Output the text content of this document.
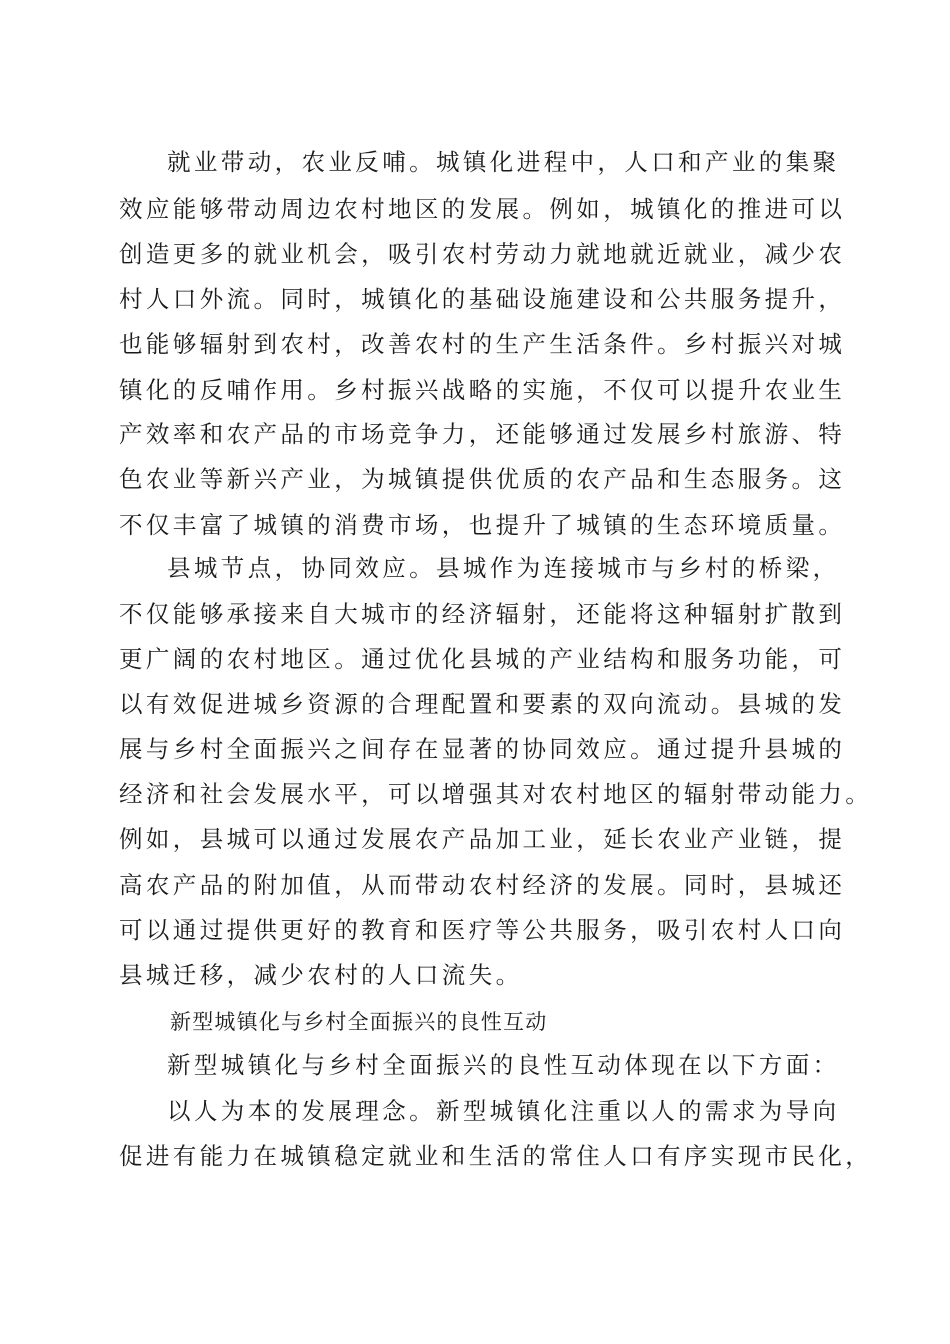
就业带动，农业反哺。城镇化进程中，人口和产业的集聚
效应能够带动周边农村地区的发展。例如，城镇化的推进可以
创造更多的就业机会，吸引农村劳动力就地就近就业，减少农
村人口外流。同时，城镇化的基础设施建设和公共服务提升，
也能够辐射到农村，改善农村的生产生活条件。乡村振兴对城
镇化的反哺作用。乡村振兴战略的实施，不仅可以提升农业生
产效率和农产品的市场竞争力，还能够通过发展乡村旅游、特
色农业等新兴产业，为城镇提供优质的农产品和生态服务。这
不仅丰富了城镇的消费市场，也提升了城镇的生态环境质量。
县城节点，协同效应。县城作为连接城市与乡村的桥梁，
不仅能够承接来自大城市的经济辐射，还能将这种辐射扩散到
更广阔的农村地区。通过优化县城的产业结构和服务功能，可
以有效促进城乡资源的合理配置和要素的双向流动。县城的发
展与乡村全面振兴之间存在显著的协同效应。通过提升县城的
经济和社会发展水平，可以增强其对农村地区的辐射带动能力。
例如，县城可以通过发展农产品加工业，延长农业产业链，提
高农产品的附加值，从而带动农村经济的发展。同时，县城还
可以通过提供更好的教育和医疗等公共服务，吸引农村人口向
县城迁移，减少农村的人口流失。
新型城镇化与乡村全面振兴的良性互动
新型城镇化与乡村全面振兴的良性互动体现在以下方面：
以人为本的发展理念。新型城镇化注重以人的需求为导向
促进有能力在城镇稳定就业和生活的常住人口有序实现市民化，
